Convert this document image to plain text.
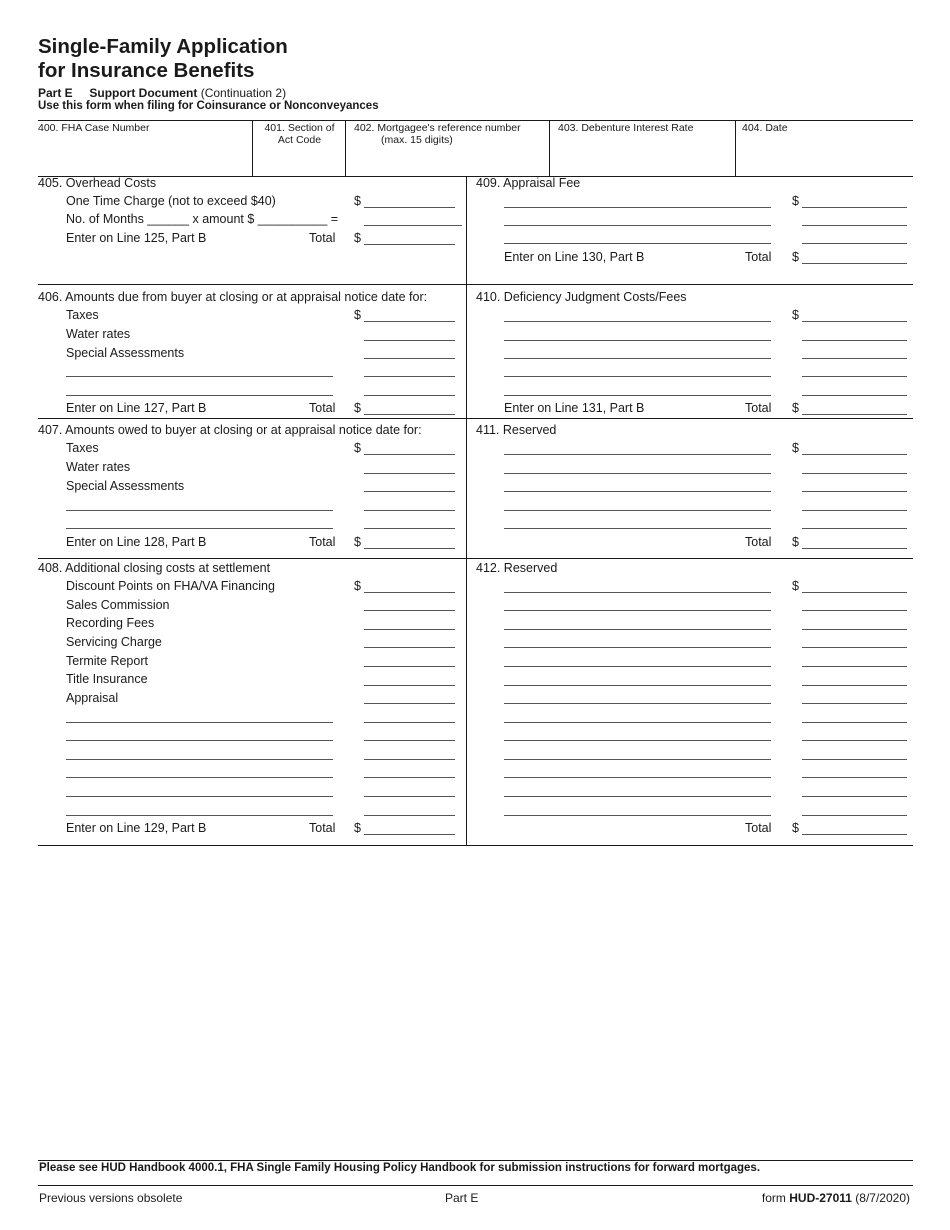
Single-Family Application
for Insurance Benefits
Part E Support Document (Continuation 2)
Use this form when filing for Coinsurance or Nonconveyances
400. FHA Case Number	401. Section of
Act Code
402. Mortgagee's reference number
(max. 15 digits)
403. Debenture Interest Rate	404. Date
405. Overhead Costs
One Time Charge (not to exceed $40)	$
No. of Months ______ x amount $ __________ =
Enter on Line 125, Part B	Total $
409. Appraisal Fee
$
Enter on Line 130, Part B	Total $
406. Amounts due from buyer at closing or at appraisal notice date for:
Taxes	$
Water rates
Special Assessments
Enter on Line 127, Part B	Total $
410. Deficiency Judgment Costs/Fees
$
Enter on Line 131, Part B	Total $
407. Amounts owed to buyer at closing or at appraisal notice date for:
Taxes	$
Water rates
Special Assessments
Enter on Line 128, Part B	Total $
411. Reserved
$
Total $
408. Additional closing costs at settlement
Discount Points on FHA/VA Financing	$
Sales Commission
Recording Fees
Servicing Charge
Termite Report
Title Insurance
Appraisal
Enter on Line 129, Part B	Total $
412. Reserved
$
Total $
Please see HUD Handbook 4000.1, FHA Single Family Housing Policy Handbook for submission instructions for forward mortgages.
Previous versions obsolete	Part E	form HUD-27011 (8/7/2020)
